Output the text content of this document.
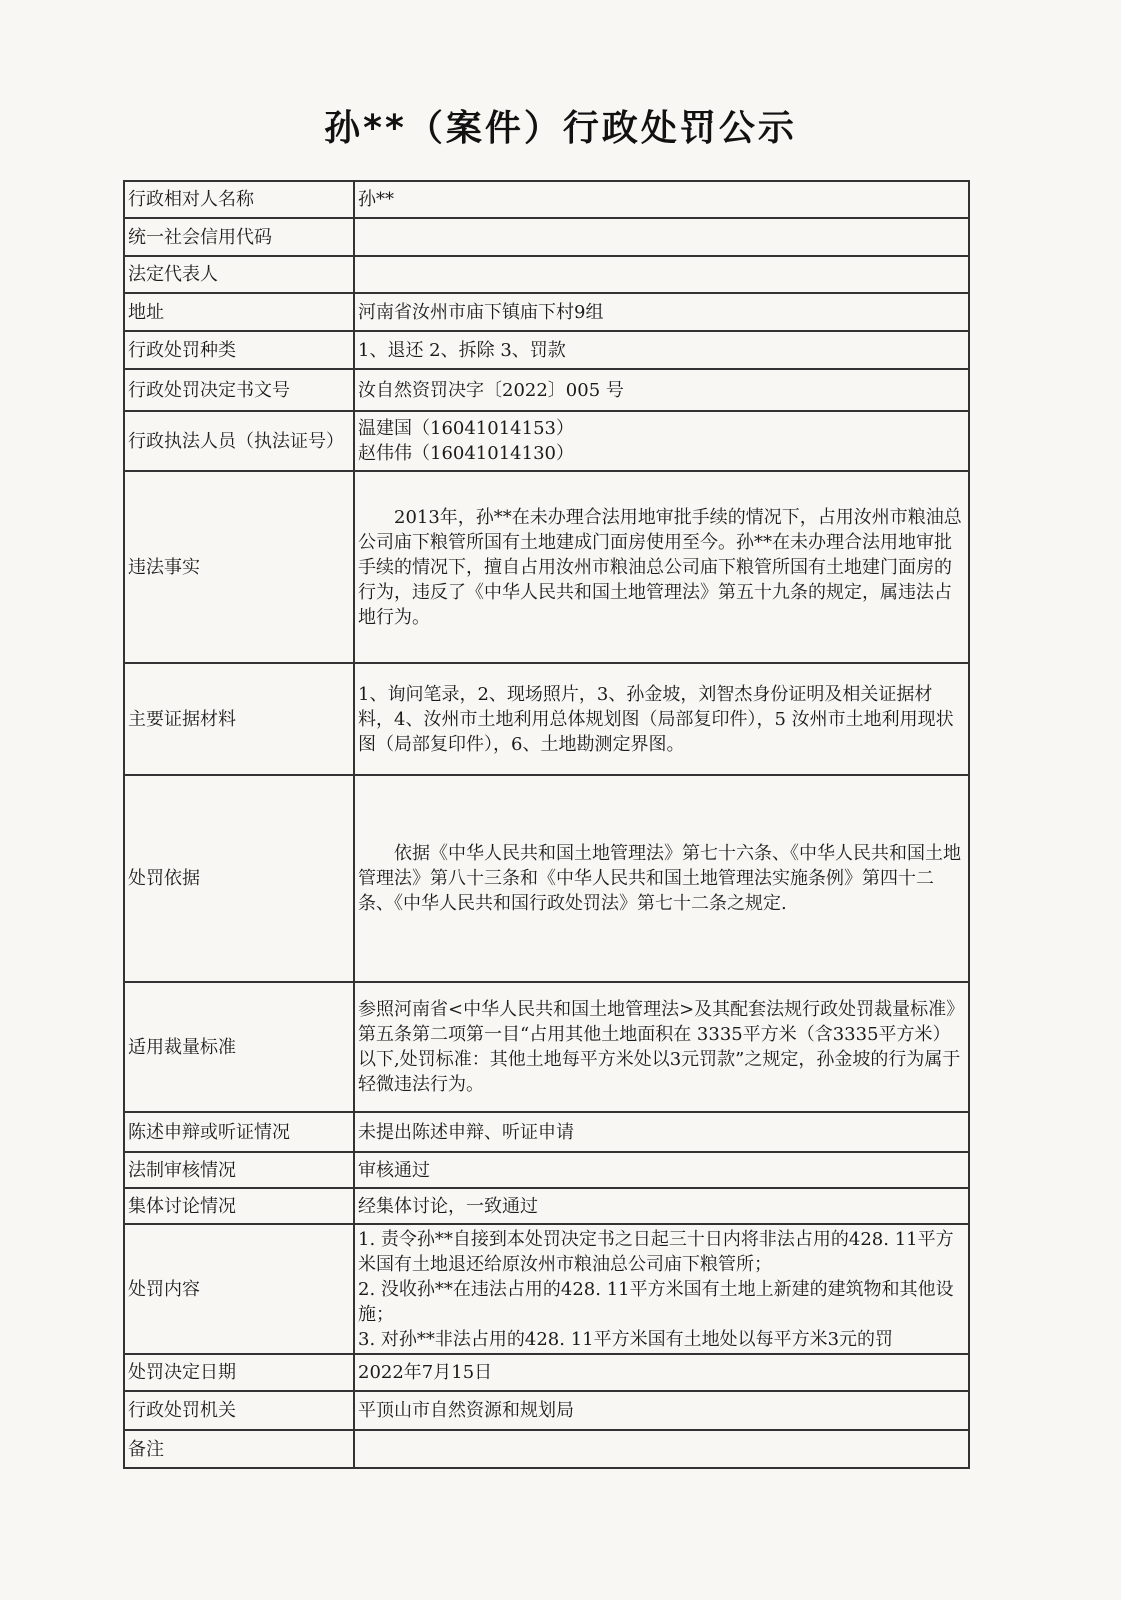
孙**（案件）行政处罚公示
行政相对人名称	孙**
统一社会信用代码	
法定代表人	
地址	河南省汝州市庙下镇庙下村9组
行政处罚种类	1、退还 2、拆除 3、罚款
行政处罚决定书文号	汝自然资罚决字〔2022〕005 号
行政执法人员（执法证号）	温建国（16041014153）
赵伟伟（16041014130）

违法事实	2013年，孙**在未办理合法用地审批手续的情况下，占用汝州市粮油总公司庙下粮管所国有土地建成门面房使用至今。孙**在未办理合法用地审批手续的情况下，擅自占用汝州市粮油总公司庙下粮管所国有土地建门面房的行为，违反了《中华人民共和国土地管理法》第五十九条的规定，属违法占地行为。
主要证据材料	1、询问笔录，2、现场照片，3、孙金坡，刘智杰身份证明及相关证据材料，4、汝州市土地利用总体规划图（局部复印件），5 汝州市土地利用现状图（局部复印件），6、土地勘测定界图。
处罚依据	依据《中华人民共和国土地管理法》第七十六条、《中华人民共和国土地管理法》第八十三条和《中华人民共和国土地管理法实施条例》第四十二条、《中华人民共和国行政处罚法》第七十二条之规定.
适用裁量标准	参照河南省<中华人民共和国土地管理法>及其配套法规行政处罚裁量标准》第五条第二项第一目“占用其他土地面积在 3335平方米（含3335平方米）以下,处罚标准：其他土地每平方米处以3元罚款”之规定，孙金坡的行为属于轻微违法行为。
陈述申辩或听证情况	未提出陈述申辩、听证申请
法制审核情况	审核通过
集体讨论情况	经集体讨论，一致通过
处罚内容	1. 责令孙**自接到本处罚决定书之日起三十日内将非法占用的428. 11平方米国有土地退还给原汝州市粮油总公司庙下粮管所；
2. 没收孙**在违法占用的428. 11平方米国有土地上新建的建筑物和其他设施；
3. 对孙**非法占用的428. 11平方米国有土地处以每平方米3元的罚

处罚决定日期	2022年7月15日
行政处罚机关	平顶山市自然资源和规划局
备注	
